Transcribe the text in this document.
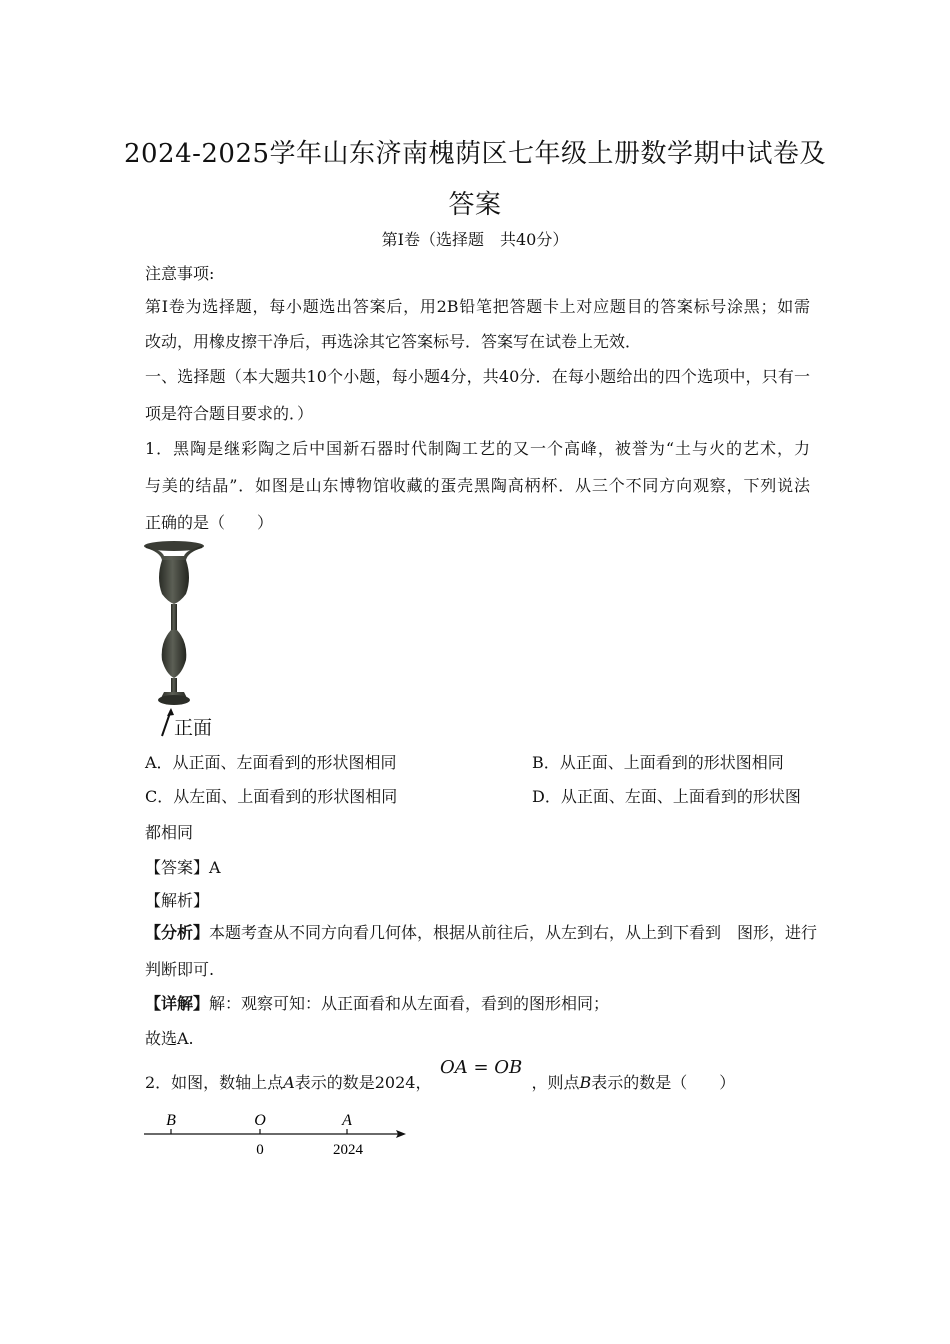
2024-2025学年山东济南槐荫区七年级上册数学期中试卷及
答案
第I卷（选择题　共40分）
注意事项:
第Ⅰ卷为选择题，每小题选出答案后，用2B铅笔把答题卡上对应题目的答案标号涂黑；如需
改动，用橡皮擦干净后，再选涂其它答案标号．答案写在试卷上无效．
一、选择题（本大题共10个小题，每小题4分，共40分．在每小题给出的四个选项中，只有一
项是符合题目要求的．）
1．黑陶是继彩陶之后中国新石器时代制陶工艺的又一个高峰，被誉为“土与火的艺术，力
与美的结晶”．如图是山东博物馆收藏的蛋壳黑陶高柄杯．从三个不同方向观察，下列说法
正确的是（　　）
正面
A．从正面、左面看到的形状图相同	B．从正面、上面看到的形状图相同
C．从左面、上面看到的形状图相同	D．从正面、左面、上面看到的形状图
都相同
【答案】A
【解析】
【分析】本题考查从不同方向看几何体，根据从前往后，从左到右，从上到下看到　图形，进行
判断即可.
【详解】解：观察可知：从正面看和从左面看，看到的图形相同；
故选A.
2．如图，数轴上点A表示的数是2024，	，则点B表示的数是（　　）
OA = OB
B	O	A
0	2024
